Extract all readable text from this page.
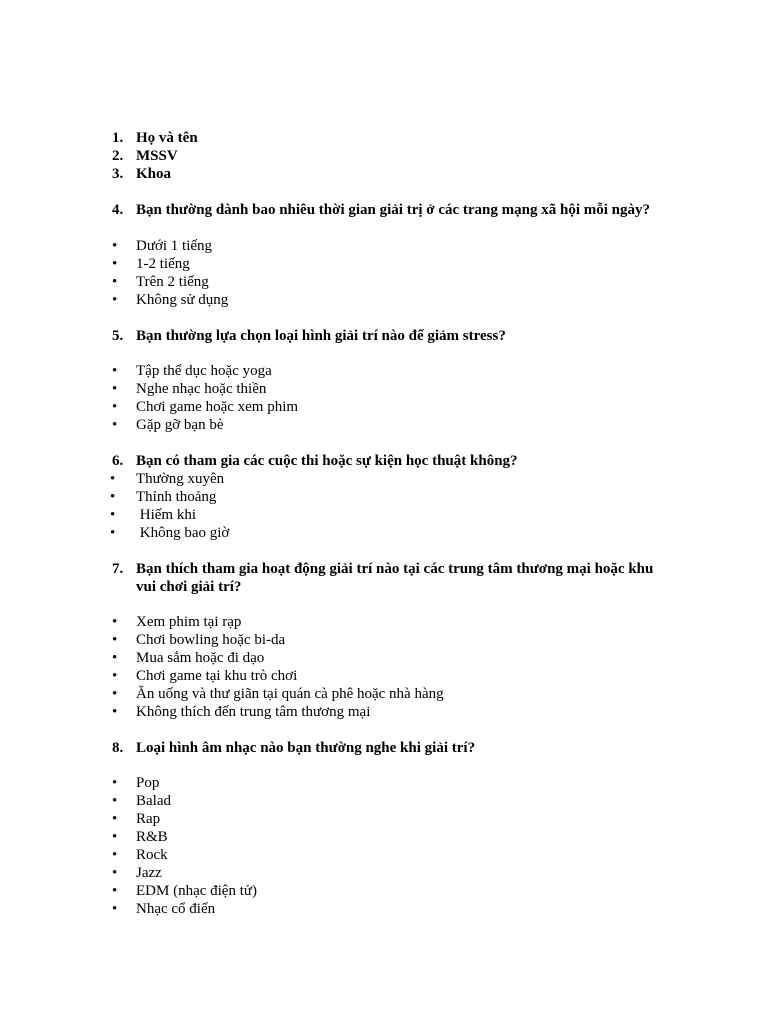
1. Họ và tên
2. MSSV
3. Khoa
4. Bạn thường dành bao nhiêu thời gian giải trị ở các trang mạng xã hội mỗi ngày?
• Dưới 1 tiếng
• 1-2 tiếng
• Trên 2 tiếng
• Không sử dụng
5. Bạn thường lựa chọn loại hình giải trí nào để giảm stress?
• Tập thể dục hoặc yoga
• Nghe nhạc hoặc thiền
• Chơi game hoặc xem phim
• Gặp gỡ bạn bè
6. Bạn có tham gia các cuộc thi hoặc sự kiện học thuật không?
• Thường xuyên
• Thỉnh thoảng
• Hiếm khi
• Không bao giờ
7. Bạn thích tham gia hoạt động giải trí nào tại các trung tâm thương mại hoặc khu
vui chơi giải trí?
• Xem phim tại rạp
• Chơi bowling hoặc bi-da
• Mua sắm hoặc đi dạo
• Chơi game tại khu trò chơi
• Ăn uống và thư giãn tại quán cà phê hoặc nhà hàng
• Không thích đến trung tâm thương mại
8. Loại hình âm nhạc nào bạn thường nghe khi giải trí?
• Pop
• Balad
• Rap
• R&B
• Rock
• Jazz
• EDM (nhạc điện tử)
• Nhạc cổ điển
